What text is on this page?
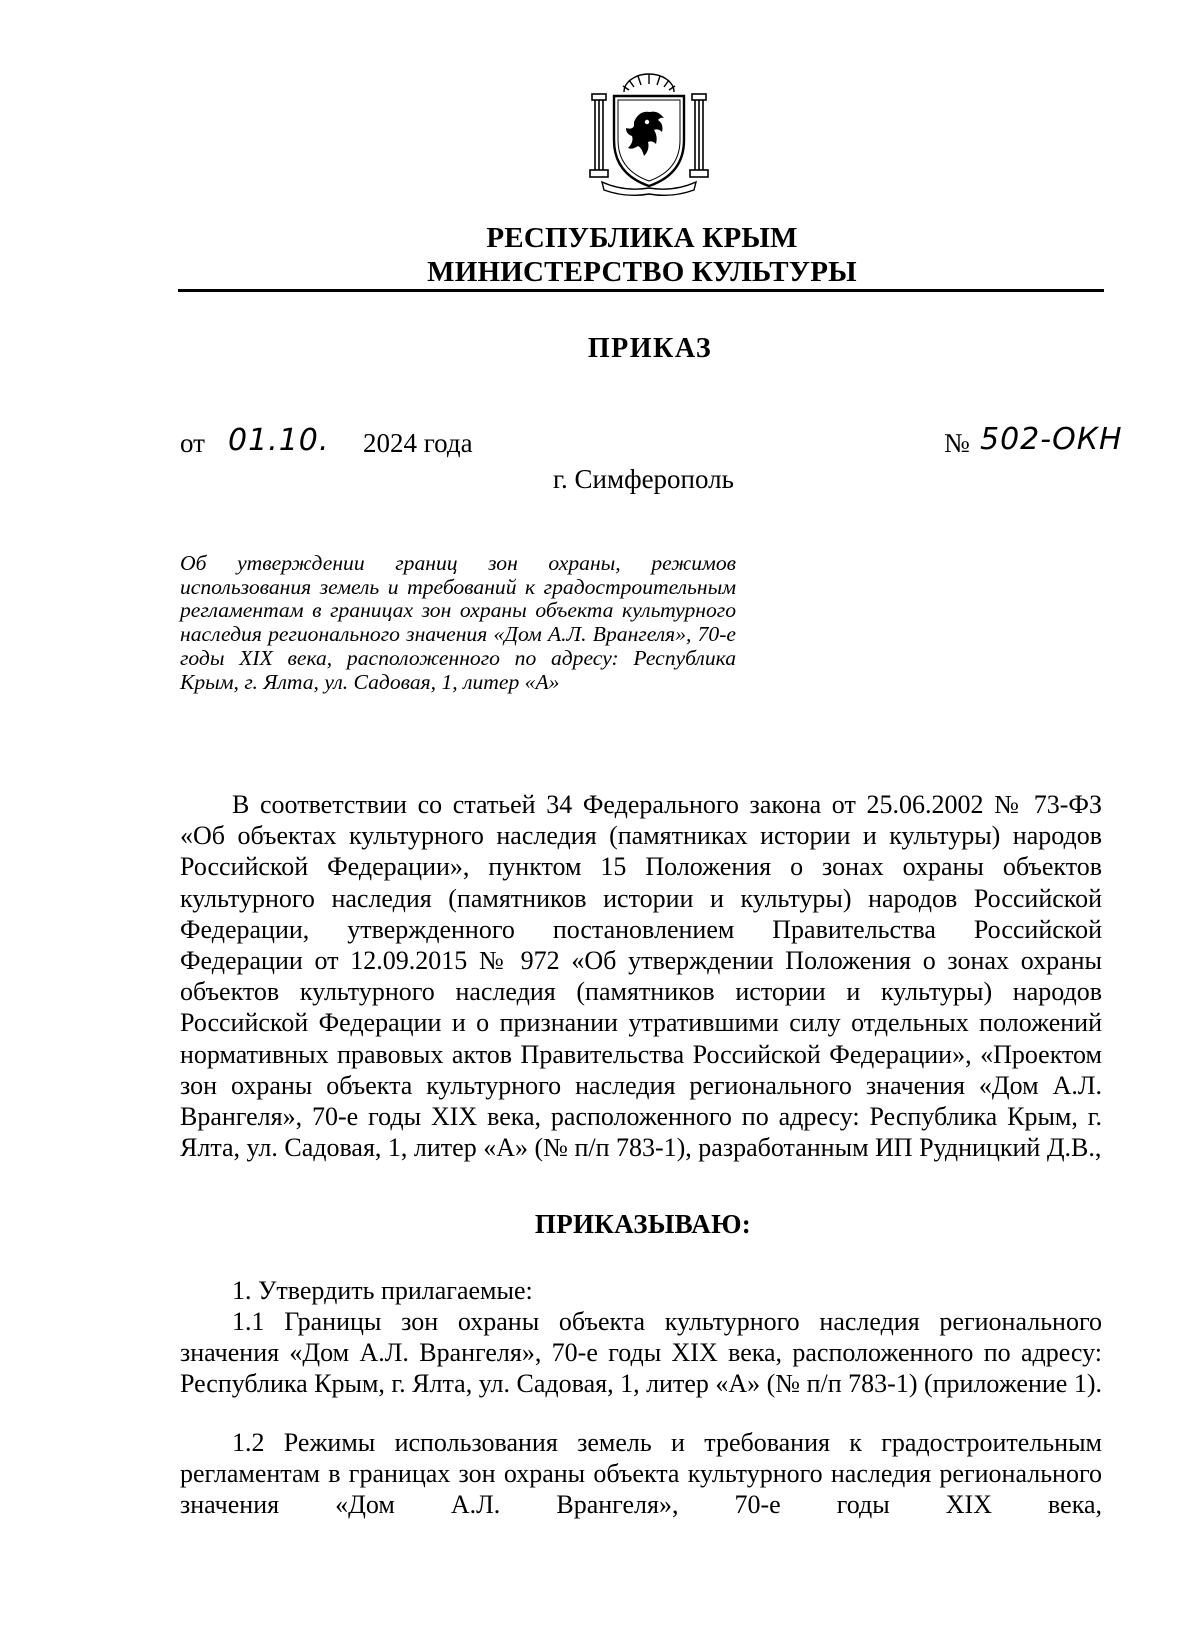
РЕСПУБЛИКА КРЫМ
МИНИСТЕРСТВО КУЛЬТУРЫ
ПРИКАЗ
от 01.10. 2024 года	№ 502-ОКН
г. Симферополь
Об утверждении границ зон охраны, режимов использования земель и требований к градостроительным регламентам в границах зон охраны объекта культурного наследия регионального значения «Дом А.Л. Врангеля», 70-е годы XIX века, расположенного по адресу: Республика Крым, г. Ялта, ул. Садовая, 1, литер «А»
В соответствии со статьей 34 Федерального закона от 25.06.2002 № 73-ФЗ «Об объектах культурного наследия (памятниках истории и культуры) народов Российской Федерации», пунктом 15 Положения о зонах охраны объектов культурного наследия (памятников истории и культуры) народов Российской Федерации, утвержденного постановлением Правительства Российской Федерации от 12.09.2015 № 972 «Об утверждении Положения о зонах охраны объектов культурного наследия (памятников истории и культуры) народов Российской Федерации и о признании утратившими силу отдельных положений нормативных правовых актов Правительства Российской Федерации», «Проектом зон охраны объекта культурного наследия регионального значения «Дом А.Л. Врангеля», 70-е годы XIX века, расположенного по адресу: Республика Крым, г. Ялта, ул. Садовая, 1, литер «А» (№ п/п 783-1), разработанным ИП Рудницкий Д.В.,
ПРИКАЗЫВАЮ:
1. Утвердить прилагаемые:
1.1 Границы зон охраны объекта культурного наследия регионального значения «Дом А.Л. Врангеля», 70-е годы XIX века, расположенного по адресу: Республика Крым, г. Ялта, ул. Садовая, 1, литер «А» (№ п/п 783-1) (приложение 1).
1.2 Режимы использования земель и требования к градостроительным регламентам в границах зон охраны объекта культурного наследия регионального значения «Дом А.Л. Врангеля», 70-е годы XIX века,
